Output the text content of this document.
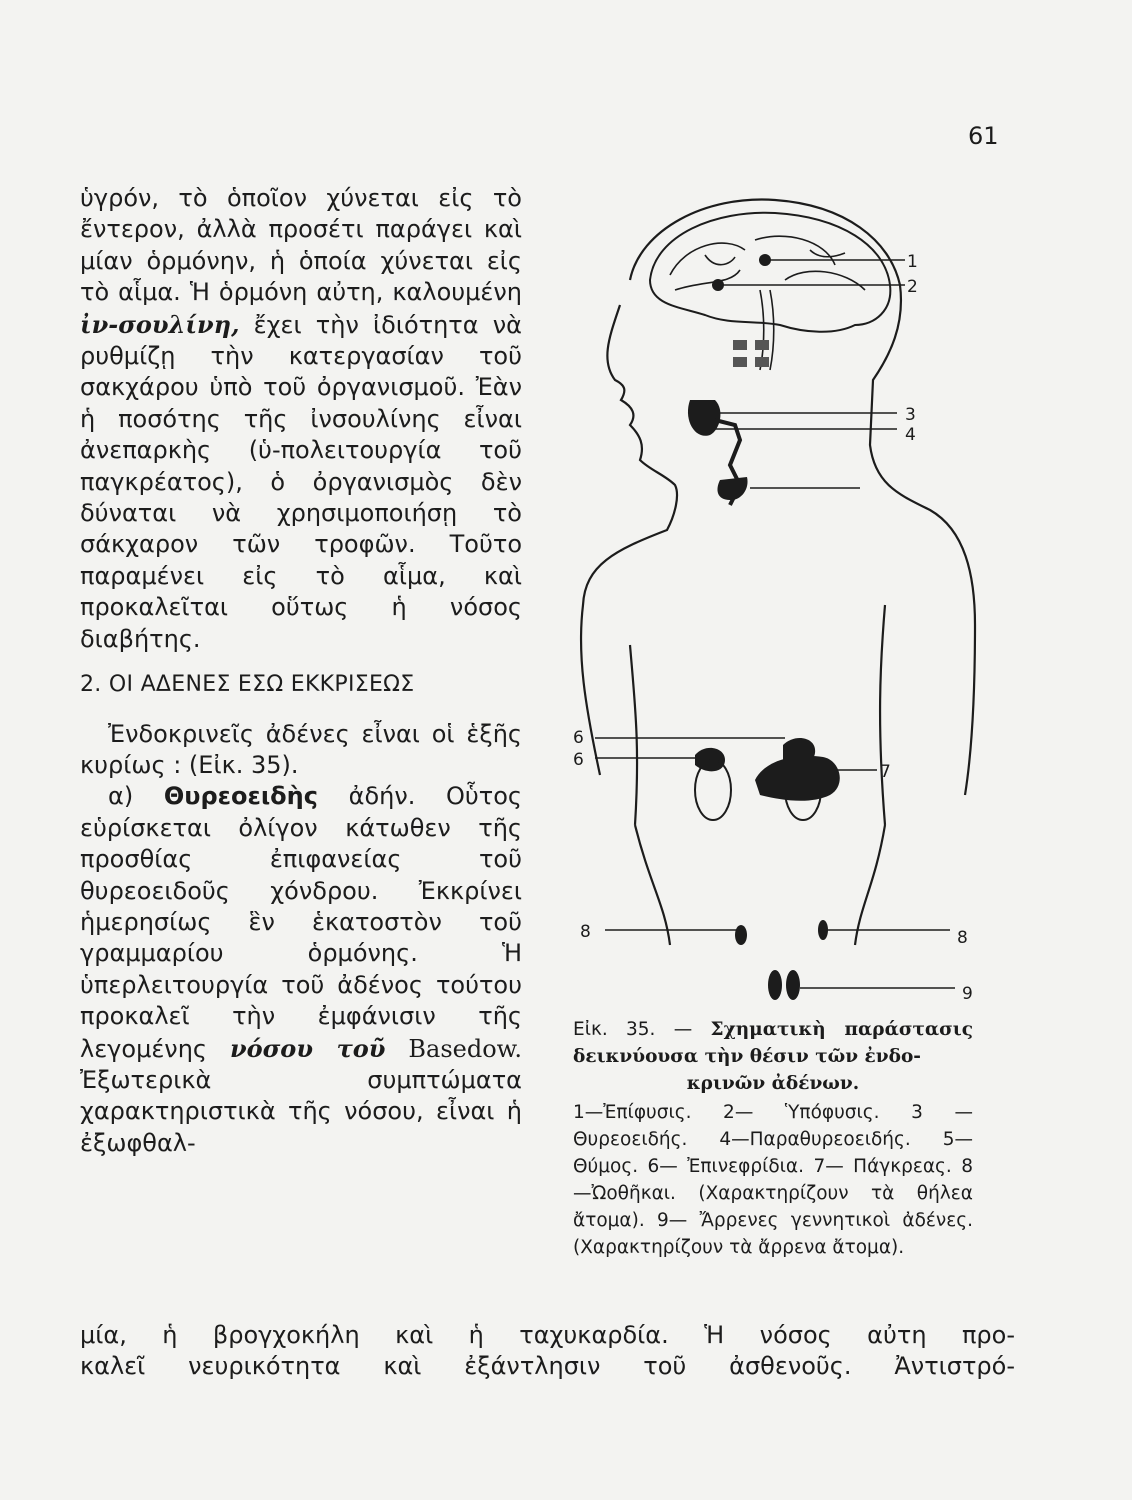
61

ὑγρόν, τὸ ὁποῖον χύνεται εἰς τὸ ἔντερον, ἀλλὰ προσέτι παράγει καὶ μίαν ὁρμόνην, ἡ ὁποία χύνεται εἰς τὸ αἷμα. Ἡ ὁρμόνη αὐτη, καλουμένη ἰν-σουλίνη, ἔχει τὴν ἰδιότητα νὰ ρυθμίζῃ τὴν κατεργασίαν τοῦ σακχάρου ὑπὸ τοῦ ὀργανισμοῦ. Ἐὰν ἡ ποσότης τῆς ἰνσουλίνης εἶναι ἀνεπαρκὴς (ὑ-πολειτουργία τοῦ παγκρέατος), ὁ ὀργανισμὸς δὲν δύναται νὰ χρησιμοποιήσῃ τὸ σάκχαρον τῶν τροφῶν. Τοῦτο παραμένει εἰς τὸ αἷμα, καὶ προκαλεῖται οὕτως ἡ νόσος διαβήτης.

2. ΟΙ ΑΔΕΝΕΣ ΕΣΩ ΕΚΚΡΙΣΕΩΣ

Ἐνδοκρινεῖς ἀδένες εἶναι οἱ ἑξῆς κυρίως : (Εἰκ. 35).

α) Θυρεοειδὴς ἀδήν. Οὗτος εὑρίσκεται ὀλίγον κάτωθεν τῆς προσθίας ἐπιφανείας τοῦ θυρεοειδοῦς χόνδρου. Ἐκκρίνει ἡμερησίως ἓν ἑκατοστὸν τοῦ γραμμαρίου ὁρμόνης. Ἡ ὑπερλειτουργία τοῦ ἀδένος τούτου προκαλεῖ τὴν ἐμφάνισιν τῆς λεγομένης νόσου τοῦ Basedow. Ἐξωτερικὰ συμπτώματα χαρακτηριστικὰ τῆς νόσου, εἶναι ἡ ἐξωφθαλ-

1
2
3
4
6
6
7
8	8
9
Εἰκ. 35. — Σχηματικὴ παράστασις δεικνύουσα τὴν θέσιν τῶν ἐνδο-
κρινῶν ἀδένων.
1—Ἐπίφυσις. 2— Ὑπόφυσις. 3 — Θυρεοειδής. 4—Παραθυρεοειδής. 5— Θύμος. 6— Ἐπινεφρίδια. 7— Πάγκρεας. 8 —Ὠοθῆκαι. (Χαρακτηρίζουν τὰ θήλεα ἄτομα). 9— Ἄρρενες γεννητικοὶ ἀδένες. (Χαρακτηρίζουν τὰ ἄρρενα ἄτομα).

μία, ἡ βρογχοκήλη καὶ ἡ ταχυκαρδία. Ἡ νόσος αὐτη προ-

καλεῖ νευρικότητα καὶ ἐξάντλησιν τοῦ ἀσθενοῦς. Ἀντιστρό-
